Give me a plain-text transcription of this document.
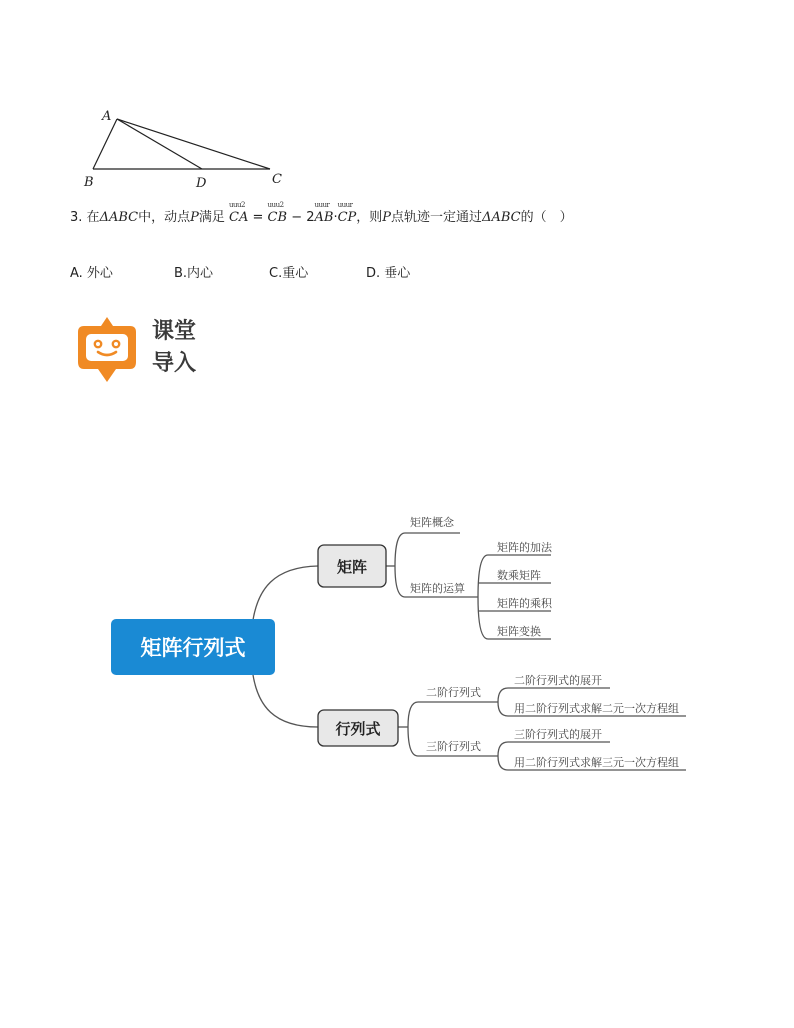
A
B	D	C
3. 在ΔABC中，动点P满足
uuu2
CA =
uuu2
CB − 2
uuur
AB·
uuur
CP，则P点轨迹一定通过ΔABC的（　）
A. 外心	B.内心	C.重心	D. 垂心
课堂
导入
矩阵行列式
矩阵
行列式
矩阵概念
矩阵的运算
矩阵的加法
数乘矩阵
矩阵的乘积
矩阵变换
二阶行列式
三阶行列式
二阶行列式的展开
用二阶行列式求解二元一次方程组
三阶行列式的展开
用二阶行列式求解三元一次方程组
